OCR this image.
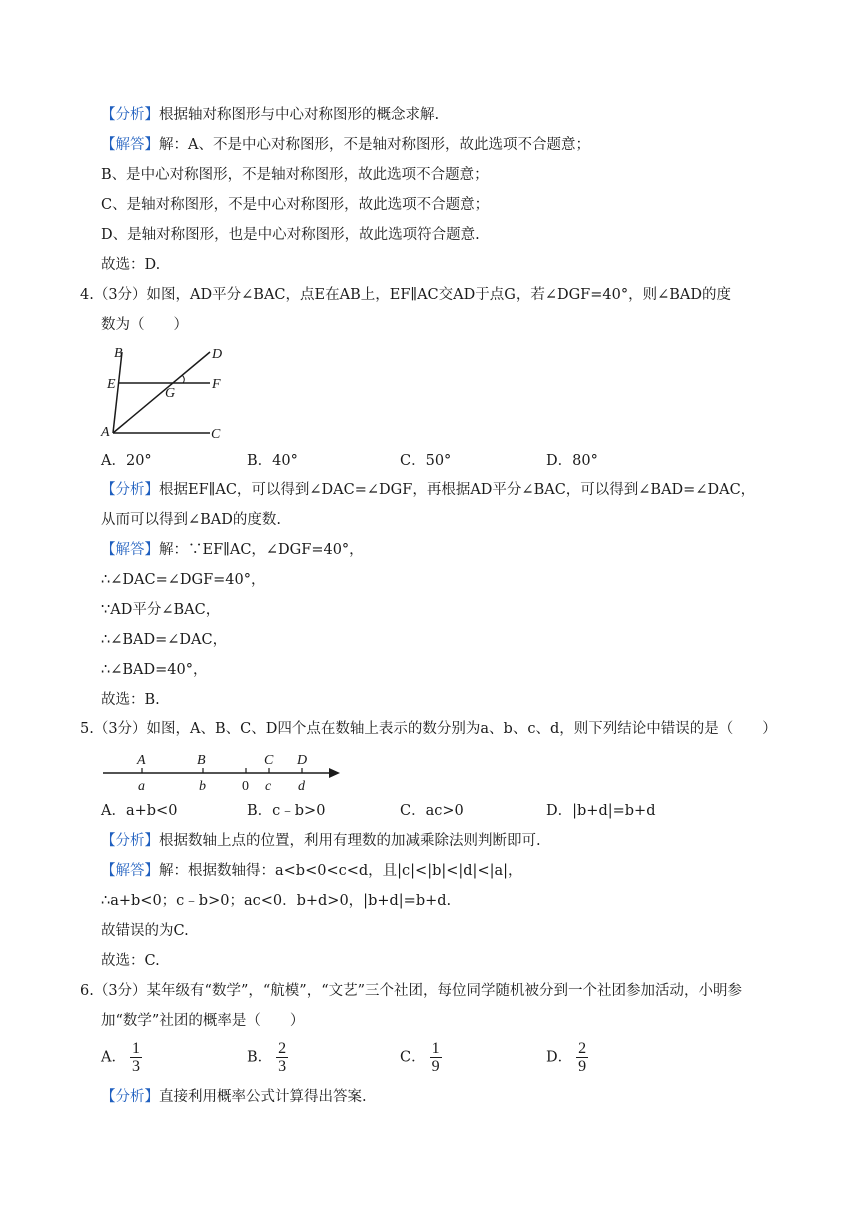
【分析】根据轴对称图形与中心对称图形的概念求解.
【解答】解：A、不是中心对称图形，不是轴对称图形，故此选项不合题意；
B、是中心对称图形，不是轴对称图形，故此选项不合题意；
C、是轴对称图形，不是中心对称图形，故此选项不合题意；
D、是轴对称图形，也是中心对称图形，故此选项符合题意.
故选：D.
4.（3分）如图，AD平分∠BAC，点E在AB上，EF∥AC交AD于点G，若∠DGF=40°，则∠BAD的度
数为（　　）
B	D
E	F
G
A	C
A．20°	B．40°	C．50°	D．80°
【分析】根据EF∥AC，可以得到∠DAC=∠DGF，再根据AD平分∠BAC，可以得到∠BAD=∠DAC，
从而可以得到∠BAD的度数.
【解答】解：∵EF∥AC，∠DGF=40°，
∴∠DAC=∠DGF=40°，
∵AD平分∠BAC，
∴∠BAD=∠DAC，
∴∠BAD=40°，
故选：B.
5.（3分）如图，A、B、C、D四个点在数轴上表示的数分别为a、b、c、d，则下列结论中错误的是（　　）
A	B	C D
a	b	0 c d
A．a+b<0	B．c﹣b>0	C．ac>0	D．|b+d|=b+d
【分析】根据数轴上点的位置，利用有理数的加减乘除法则判断即可.
【解答】解：根据数轴得：a<b<0<c<d，且|c|<|b|<|d|<|a|，
∴a+b<0；c﹣b>0；ac<0．b+d>0，|b+d|=b+d.
故错误的为C.
故选：C.
6.（3分）某年级有“数学”，“航模”，“文艺”三个社团，每位同学随机被分到一个社团参加活动，小明参
加“数学”社团的概率是（　　）
A． $\frac{1}{3}$	B． $\frac{2}{3}$	C． $\frac{1}{9}$	D． $\frac{2}{9}$
【分析】直接利用概率公式计算得出答案.
